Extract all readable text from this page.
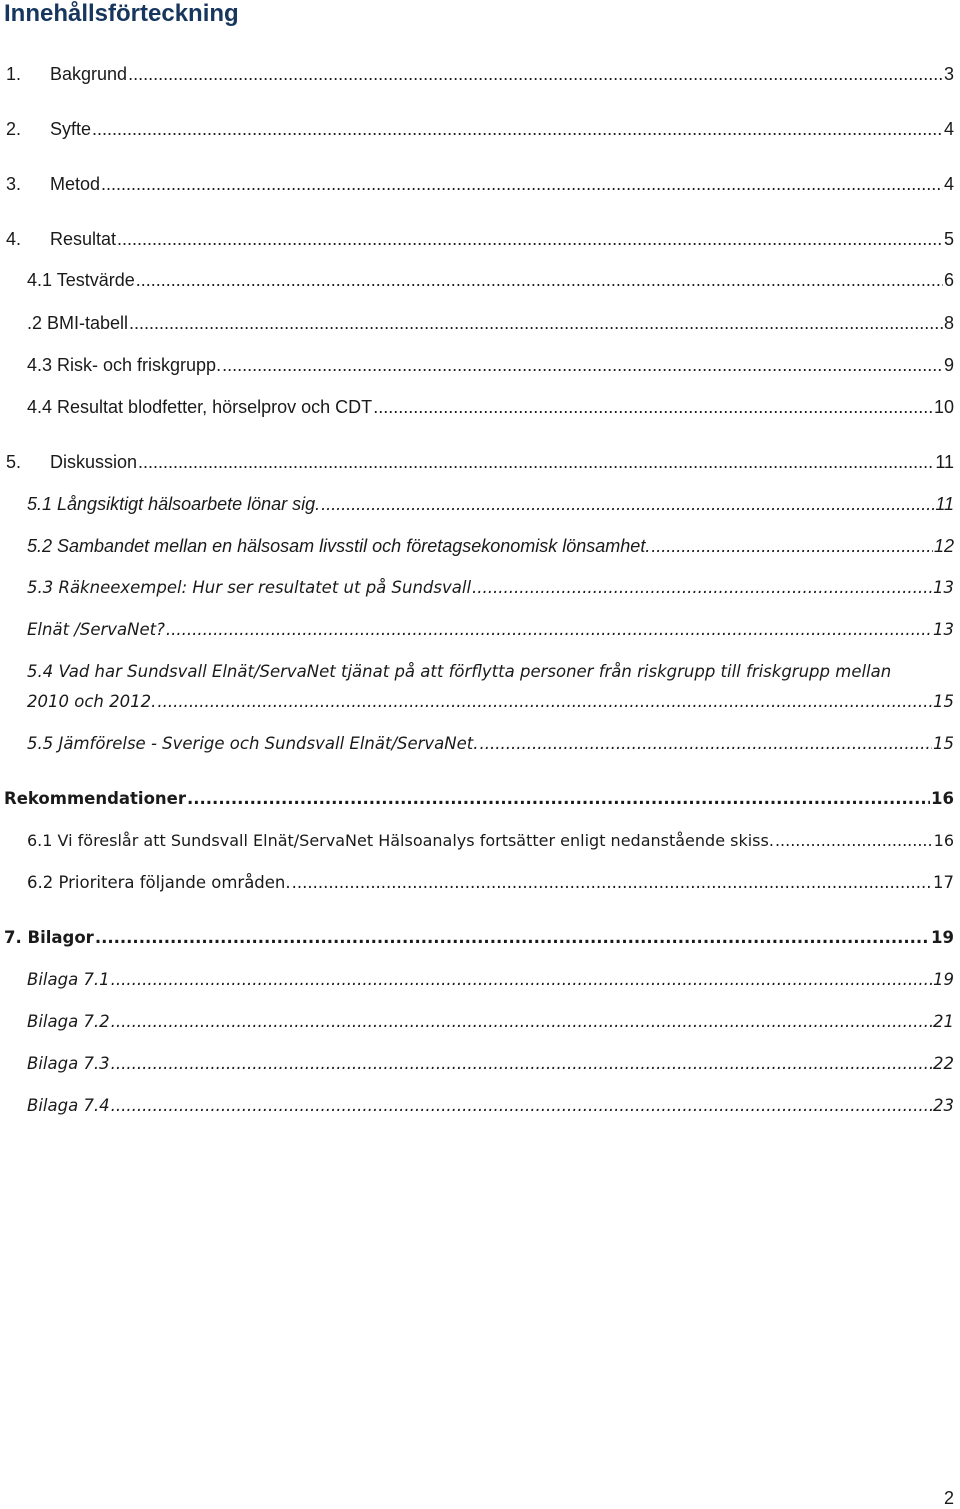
Innehållsförteckning
1.	Bakgrund .....	3
2.	Syfte .....	4
3.	Metod .....	4
4.	Resultat .....	5
4.1 Testvärde .....	6
.2 BMI-tabell .....	8
4.3 Risk- och friskgrupp. .....	9
4.4 Resultat blodfetter, hörselprov och CDT .....	10
5.	Diskussion .....	11
5.1 Långsiktigt hälsoarbete lönar sig. .....	11
5.2 Sambandet mellan en hälsosam livsstil och företagsekonomisk lönsamhet. .....	12
5.3 Räkneexempel: Hur ser resultatet ut på Sundsvall .....	13
Elnät /ServaNet? .....	13
5.4 Vad har Sundsvall Elnät/ServaNet tjänat på att förflytta personer från riskgrupp till friskgrupp mellan
2010 och 2012. .....	15
5.5 Jämförelse - Sverige och Sundsvall Elnät/ServaNet. .....	15
Rekommendationer .....	16
6.1 Vi föreslår att Sundsvall Elnät/ServaNet Hälsoanalys fortsätter enligt nedanstående skiss. .....	16
6.2 Prioritera följande områden. .....	17
7. Bilagor .....	19
Bilaga 7.1 .....	19
Bilaga 7.2 .....	21
Bilaga 7.3 .....	22
Bilaga 7.4 .....	23
2
